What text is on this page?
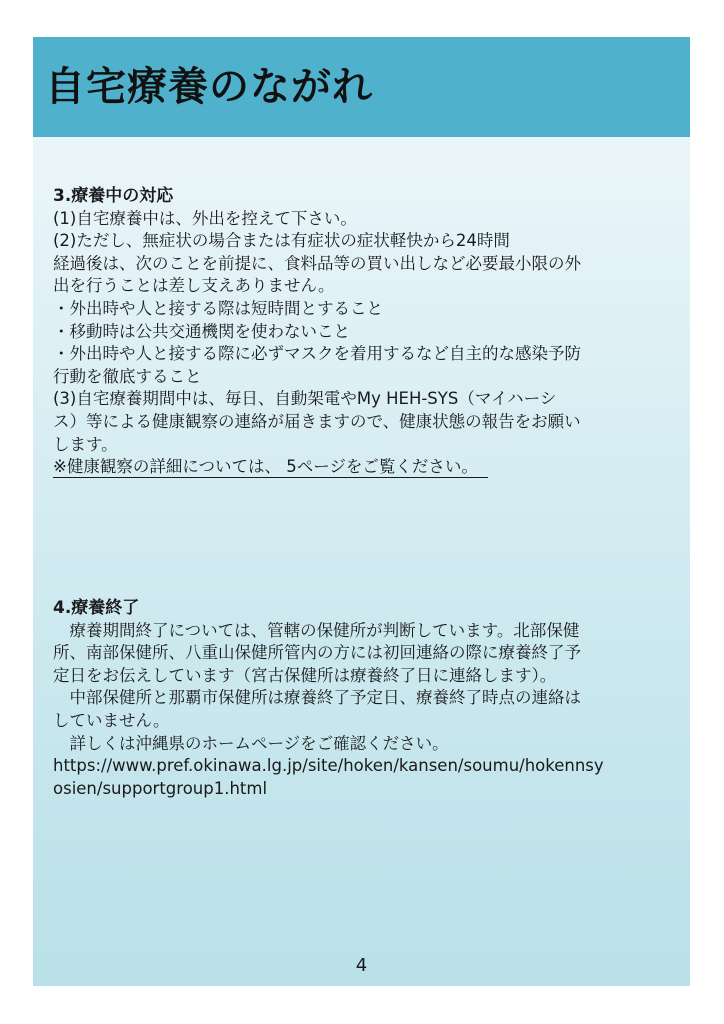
自宅療養のながれ

3.療養中の対応

(1)自宅療養中は、外出を控えて下さい。

(2)ただし、無症状の場合または有症状の症状軽快から24時間

経過後は、次のことを前提に、食料品等の買い出しなど必要最小限の外

出を行うことは差し支えありません。

・外出時や人と接する際は短時間とすること

・移動時は公共交通機関を使わないこと

・外出時や人と接する際に必ずマスクを着用するなど自主的な感染予防

行動を徹底すること

(3)自宅療養期間中は、毎日、自動架電やMy HEH-SYS（マイハーシ

ス）等による健康観察の連絡が届きますので、健康状態の報告をお願い

します。

※健康観察の詳細については、 5ページをご覧ください。

4.療養終了

療養期間終了については、管轄の保健所が判断しています。北部保健

所、南部保健所、八重山保健所管内の方には初回連絡の際に療養終了予

定日をお伝えしています（宮古保健所は療養終了日に連絡します）。

中部保健所と那覇市保健所は療養終了予定日、療養終了時点の連絡は

していません。

詳しくは沖縄県のホームページをご確認ください。

https://www.pref.okinawa.lg.jp/site/hoken/kansen/soumu/hokennsy

osien/supportgroup1.html

4
